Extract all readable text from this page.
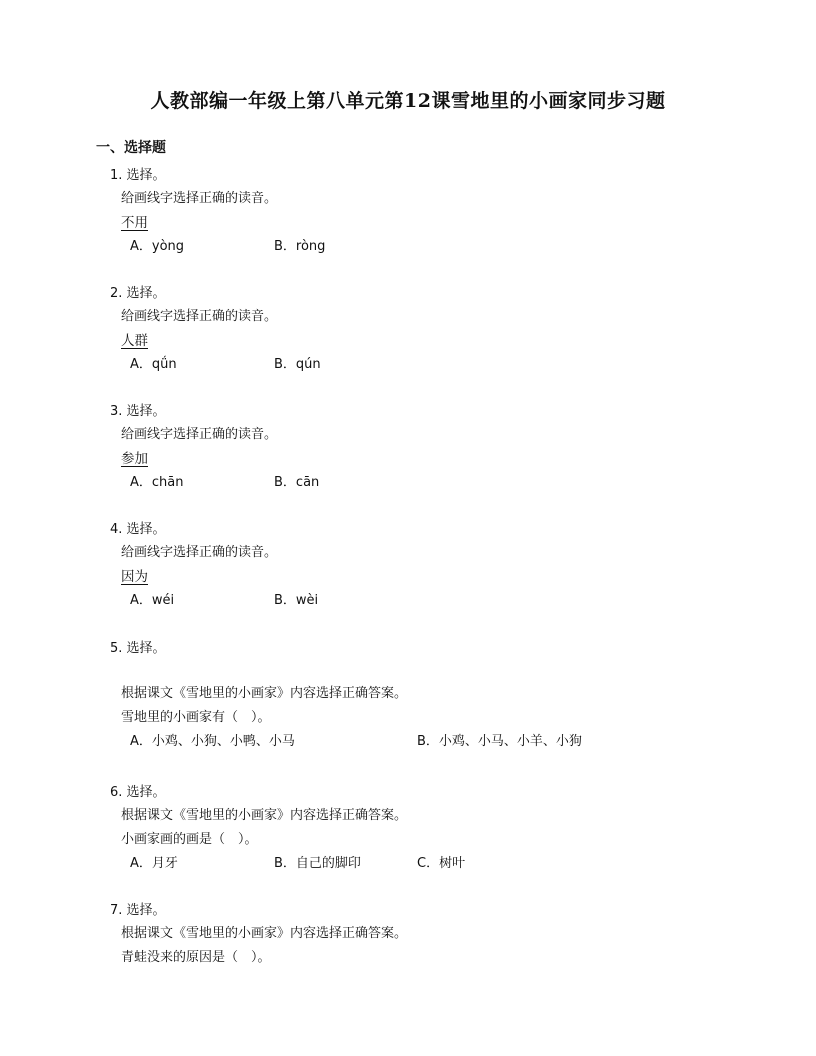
人教部编一年级上第八单元第12课雪地里的小画家同步习题
一、选择题
1. 选择。
给画线字选择正确的读音。
不用
A．yòng	B．ròng
2. 选择。
给画线字选择正确的读音。
人群
A．qǘn	B．qún
3. 选择。
给画线字选择正确的读音。
参加
A．chān	B．cān
4. 选择。
给画线字选择正确的读音。
因为
A．wéi	B．wèi
5. 选择。
根据课文《雪地里的小画家》内容选择正确答案。
雪地里的小画家有（　）。
A．小鸡、小狗、小鸭、小马	B．小鸡、小马、小羊、小狗
6. 选择。
根据课文《雪地里的小画家》内容选择正确答案。
小画家画的画是（　）。
A．月牙	B．自己的脚印	C．树叶
7. 选择。
根据课文《雪地里的小画家》内容选择正确答案。
青蛙没来的原因是（　）。
